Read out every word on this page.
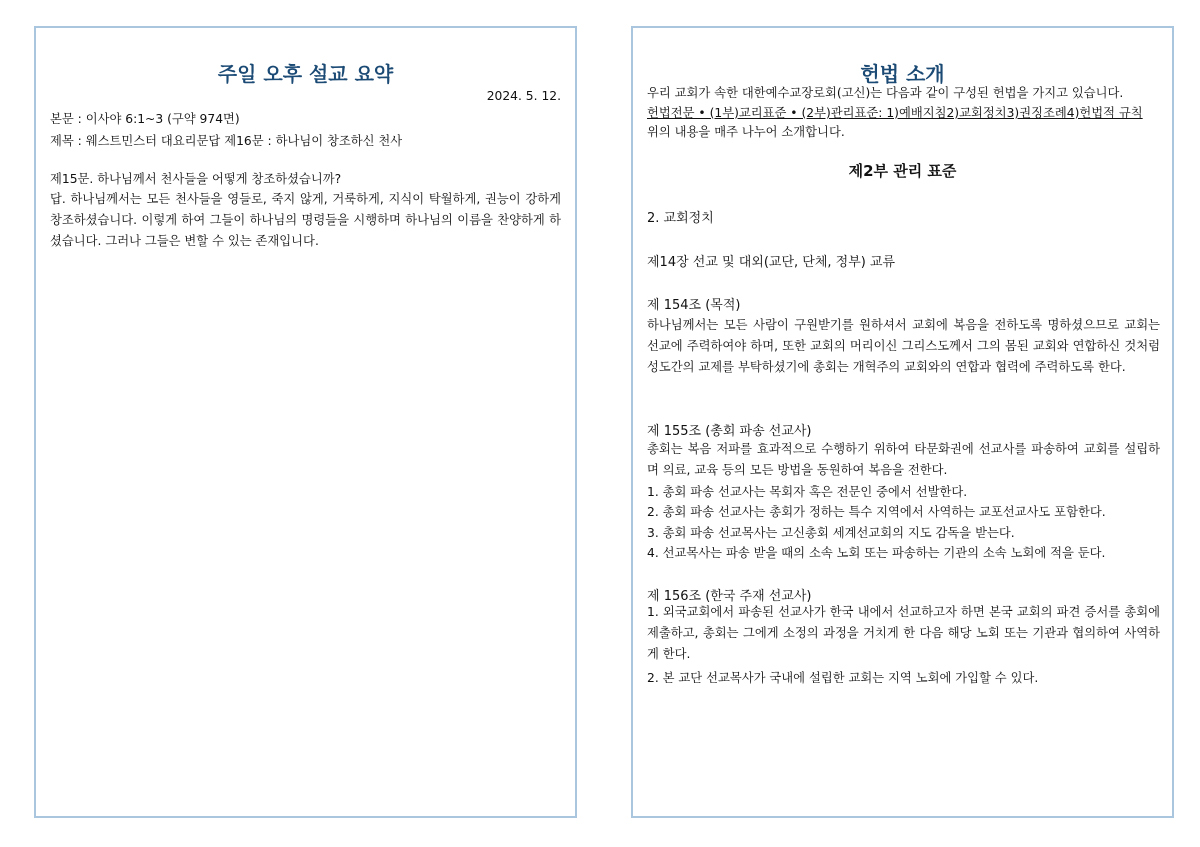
주일 오후 설교 요약
2024. 5. 12.
본문 : 이사야 6:1~3 (구약 974면)
제목 : 웨스트민스터 대요리문답 제16문 : 하나님이 창조하신 천사
제15문. 하나님께서 천사들을 어떻게 창조하셨습니까?
답. 하나님께서는 모든 천사들을 영들로, 죽지 않게, 거룩하게, 지식이 탁월하게, 권능이 강하게 창조하셨습니다. 이렇게 하여 그들이 하나님의 명령들을 시행하며 하나님의 이름을 찬양하게 하셨습니다. 그러나 그들은 변할 수 있는 존재입니다.
헌법 소개
우리 교회가 속한 대한예수교장로회(고신)는 다음과 같이 구성된 헌법을 가지고 있습니다.
헌법전문 • (1부)교리표준 • (2부)관리표준: 1)예배지침2)교회정치3)권징조례4)헌법적 규칙
위의 내용을 매주 나누어 소개합니다.
제2부 관리 표준
2. 교회정치
제14장 선교 및 대외(교단, 단체, 정부) 교류
제 154조 (목적)
하나님께서는 모든 사람이 구원받기를 원하셔서 교회에 복음을 전하도록 명하셨으므로 교회는 선교에 주력하여야 하며, 또한 교회의 머리이신 그리스도께서 그의 몸된 교회와 연합하신 것처럼 성도간의 교제를 부탁하셨기에 총회는 개혁주의 교회와의 연합과 협력에 주력하도록 한다.
제 155조 (총회 파송 선교사)
총회는 복음 저파를 효과적으로 수행하기 위하여 타문화권에 선교사를 파송하여 교회를 설립하며 의료, 교육 등의 모든 방법을 동원하여 복음을 전한다.
1. 총회 파송 선교사는 목회자 혹은 전문인 중에서 선발한다.
2. 총회 파송 선교사는 총회가 정하는 특수 지역에서 사역하는 교포선교사도 포함한다.
3. 총회 파송 선교목사는 고신총회 세계선교회의 지도 감독을 받는다.
4. 선교목사는 파송 받을 때의 소속 노회 또는 파송하는 기관의 소속 노회에 적을 둔다.
제 156조 (한국 주재 선교사)
1. 외국교회에서 파송된 선교사가 한국 내에서 선교하고자 하면 본국 교회의 파견 증서를 총회에 제출하고, 총회는 그에게 소정의 과정을 거치게 한 다음 해당 노회 또는 기관과 협의하여 사역하게 한다.
2. 본 교단 선교목사가 국내에 설립한 교회는 지역 노회에 가입할 수 있다.
